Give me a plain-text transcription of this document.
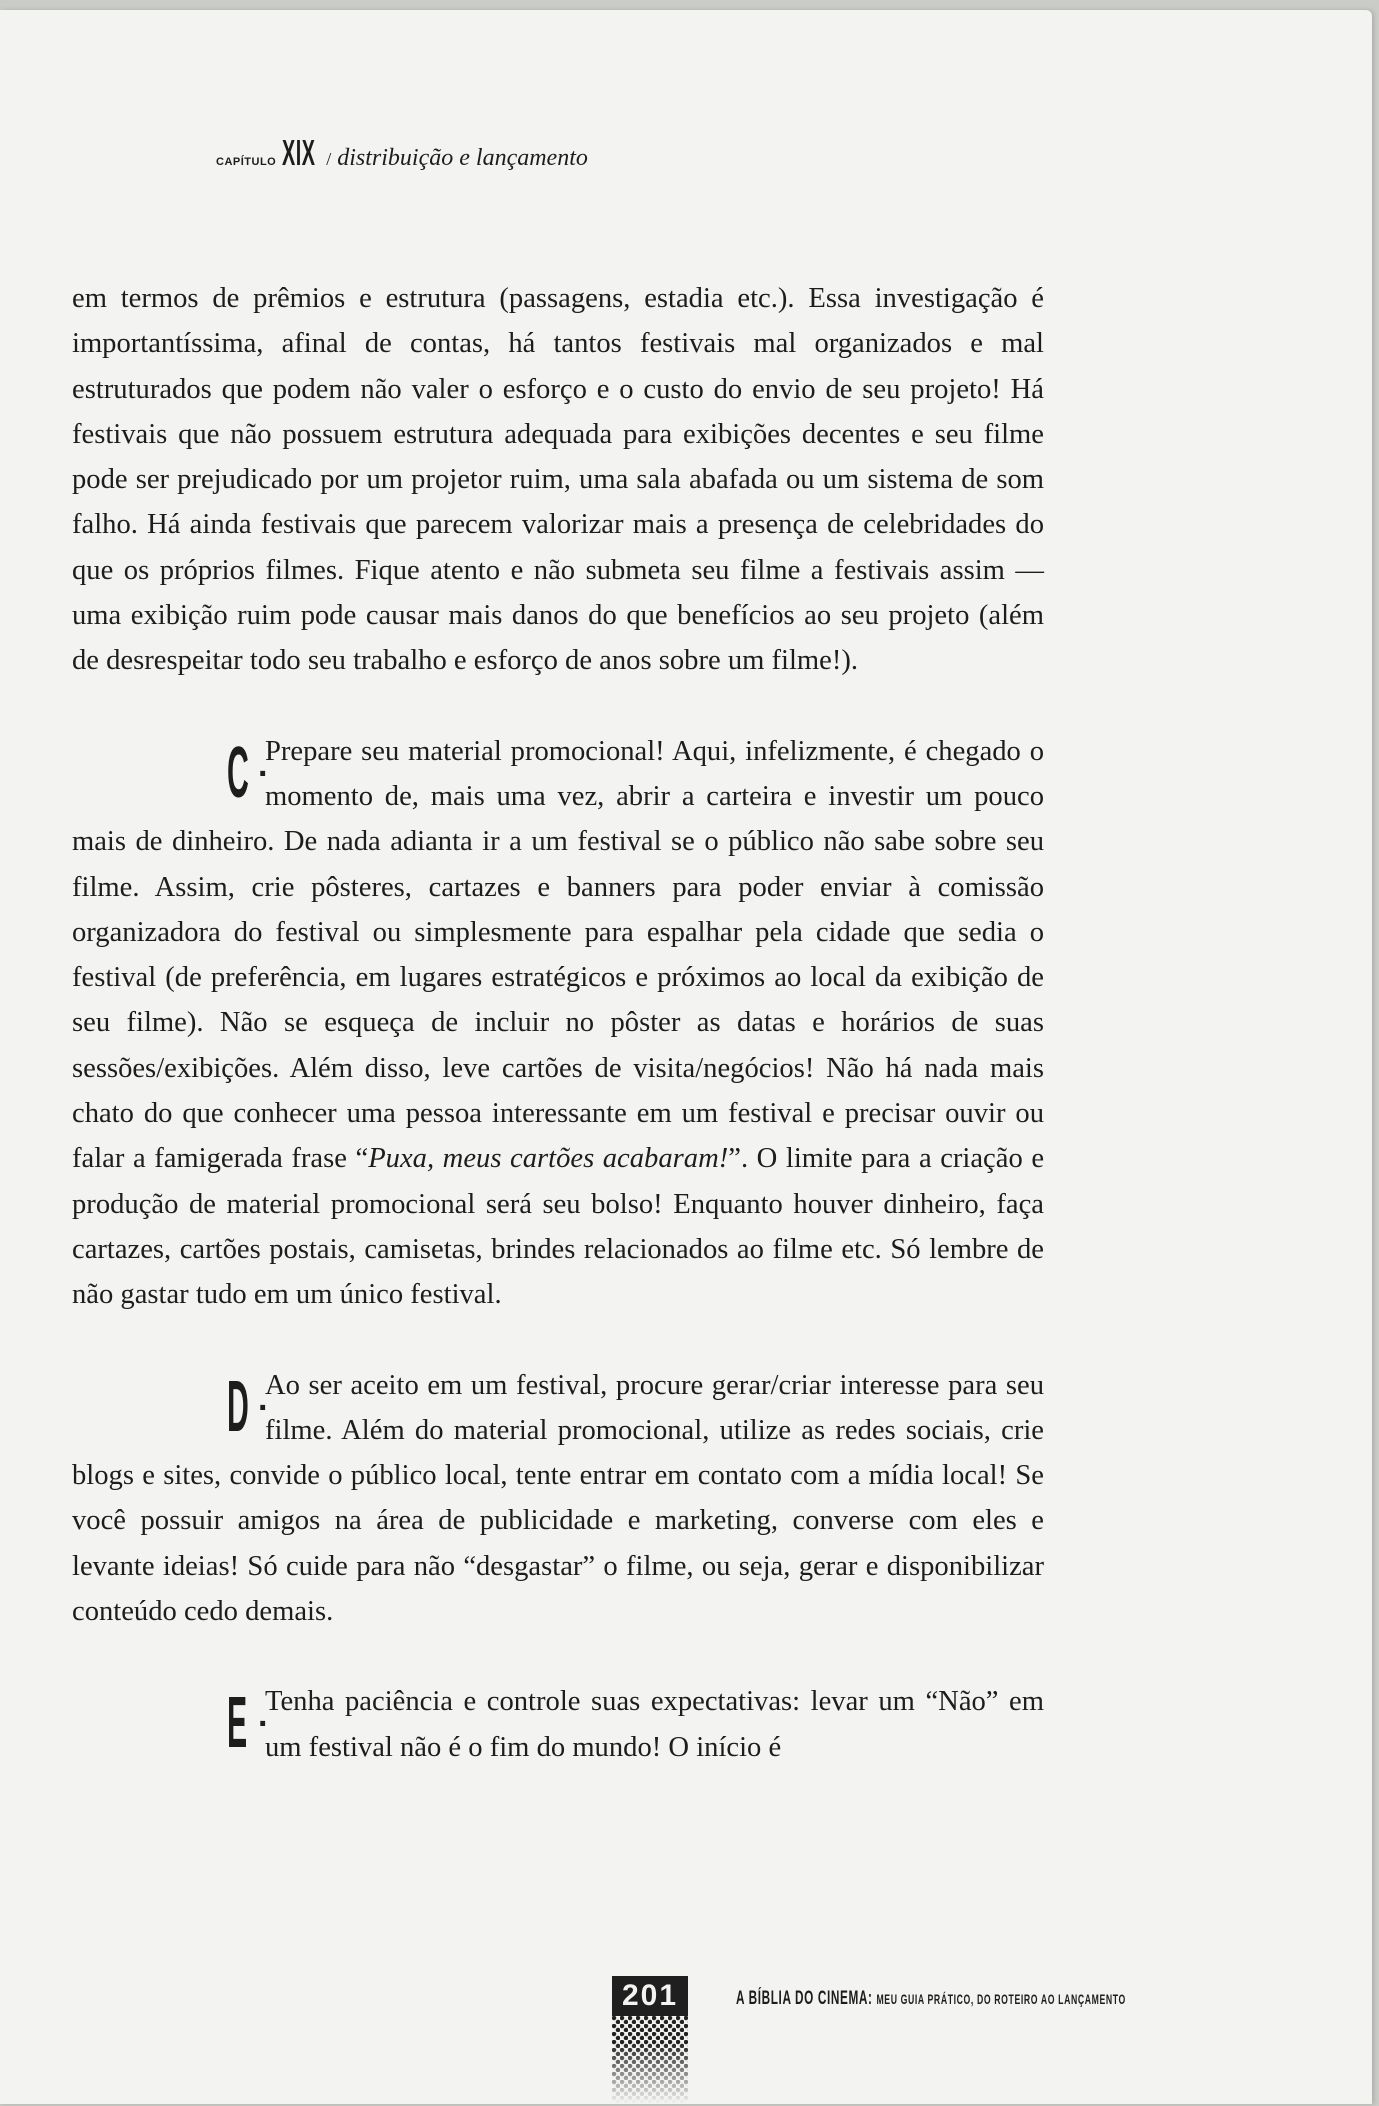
CAPÍTULO XIX / distribuição e lançamento

em termos de prêmios e estrutura (passagens, estadia etc.). Essa investigação é importantíssima, afinal de contas, há tantos festivais mal organizados e mal estruturados que podem não valer o esforço e o custo do envio de seu projeto! Há festivais que não possuem estrutura adequada para exibições decentes e seu filme pode ser prejudicado por um projetor ruim, uma sala abafada ou um sistema de som falho. Há ainda festivais que parecem valorizar mais a presença de celebridades do que os próprios filmes. Fique atento e não submeta seu filme a festivais assim — uma exibição ruim pode causar mais danos do que benefícios ao seu projeto (além de desrespeitar todo seu trabalho e esforço de anos sobre um filme!).

C .

Prepare seu material promocional! Aqui, infelizmente, é chegado o momento de, mais uma vez, abrir a carteira e investir um pouco mais de dinheiro. De nada adianta ir a um festival se o público não sabe sobre seu filme. Assim, crie pôsteres, cartazes e banners para poder enviar à comissão organizadora do festival ou simplesmente para espalhar pela cidade que sedia o festival (de preferência, em lugares estratégicos e próximos ao local da exibição de seu filme). Não se esqueça de incluir no pôster as datas e horários de suas sessões/exibições. Além disso, leve cartões de visita/negócios! Não há nada mais chato do que conhecer uma pessoa interessante em um festival e precisar ouvir ou falar a famigerada frase “Puxa, meus cartões acabaram!”. O limite para a criação e produção de material promocional será seu bolso! Enquanto houver dinheiro, faça cartazes, cartões postais, camisetas, brindes relacionados ao filme etc. Só lembre de não gastar tudo em um único festival.

D .

Ao ser aceito em um festival, procure gerar/criar interesse para seu filme. Além do material promocional, utilize as redes sociais, crie blogs e sites, convide o público local, tente entrar em contato com a mídia local! Se você possuir amigos na área de publicidade e marketing, converse com eles e levante ideias! Só cuide para não “desgastar” o filme, ou seja, gerar e disponibilizar conteúdo cedo demais.

E .

Tenha paciência e controle suas expectativas: levar um “Não” em um festival não é o fim do mundo! O início é

201	A BÍBLIA DO CINEMA: MEU GUIA PRÁTICO, DO ROTEIRO AO LANÇAMENTO
